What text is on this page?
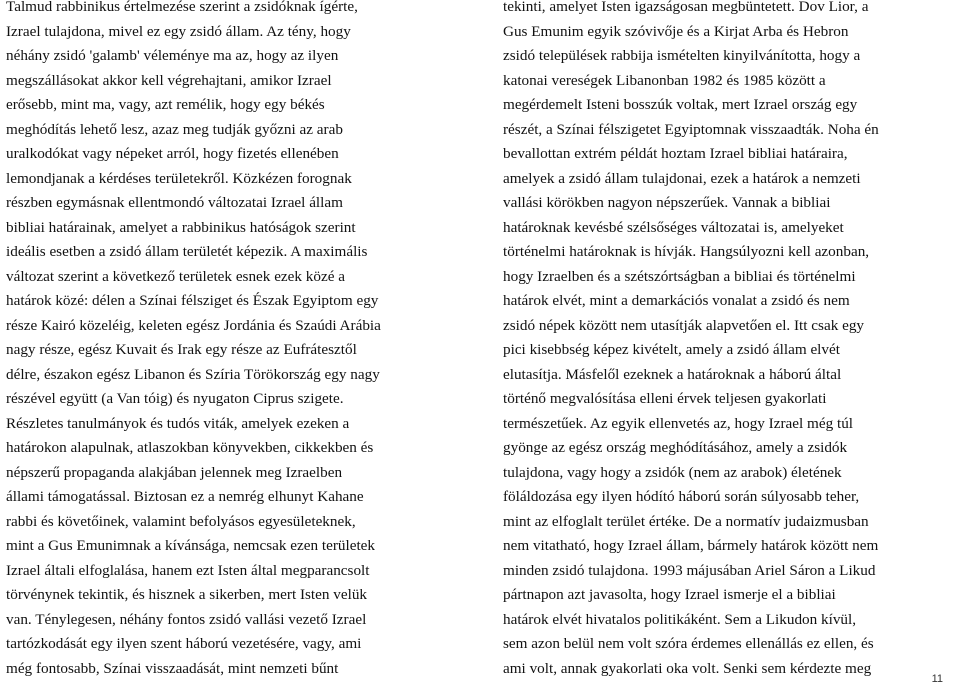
Talmud rabbinikus értelmezése szerint a zsidóknak ígérte,
Izrael tulajdona, mivel ez egy zsidó állam. Az tény, hogy
néhány zsidó 'galamb' véleménye ma az, hogy az ilyen
megszállásokat akkor kell végrehajtani, amikor Izrael
erősebb, mint ma, vagy, azt remélik, hogy egy békés
meghódítás lehető lesz, azaz meg tudják győzni az arab
uralkodókat vagy népeket arról, hogy fizetés ellenében
lemondjanak a kérdéses területekről. Közkézen forognak
részben egymásnak ellentmondó változatai Izrael állam
bibliai határainak, amelyet a rabbinikus hatóságok szerint
ideális esetben a zsidó állam területét képezik. A maximális
változat szerint a következő területek esnek ezek közé a
határok közé: délen a Színai félsziget és Észak Egyiptom egy
része Kairó közeléig, keleten egész Jordánia és Szaúdi Arábia
nagy része, egész Kuvait és Irak egy része az Eufrátesztől
délre, északon egész Libanon és Szíria Törökország egy nagy
részével együtt (a Van tóig) és nyugaton Ciprus szigete.
Részletes tanulmányok és tudós viták, amelyek ezeken a
határokon alapulnak, atlaszokban könyvekben, cikkekben és
népszerű propaganda alakjában jelennek meg Izraelben
állami támogatással. Biztosan ez a nemrég elhunyt Kahane
rabbi és követőinek, valamint befolyásos egyesületeknek,
mint a Gus Emunimnak a kívánsága, nemcsak ezen területek
Izrael általi elfoglalása, hanem ezt Isten által megparancsolt
törvénynek tekintik, és hisznek a sikerben, mert Isten velük
van. Ténylegesen, néhány fontos zsidó vallási vezető Izrael
tartózkodását egy ilyen szent háború vezetésére, vagy, ami
még fontosabb, Színai visszaadását, mint nemzeti bűnt
tekinti, amelyet Isten igazságosan megbüntetett. Dov Lior, a
Gus Emunim egyik szóvivője és a Kirjat Arba és Hebron
zsidó települések rabbija ismételten kinyilvánította, hogy a
katonai vereségek Libanonban 1982 és 1985 között a
megérdemelt Isteni bosszúk voltak, mert Izrael ország egy
részét, a Színai félszigetet Egyiptomnak visszaadták. Noha én
bevallottan extrém példát hoztam Izrael bibliai határaira,
amelyek a zsidó állam tulajdonai, ezek a határok a nemzeti
vallási körökben nagyon népszerűek. Vannak a bibliai
határoknak kevésbé szélsőséges változatai is, amelyeket
történelmi határoknak is hívják. Hangsúlyozni kell azonban,
hogy Izraelben és a szétszórtságban a bibliai és történelmi
határok elvét, mint a demarkációs vonalat a zsidó és nem
zsidó népek között nem utasítják alapvetően el. Itt csak egy
pici kisebbség képez kivételt, amely a zsidó állam elvét
elutasítja. Másfelől ezeknek a határoknak a háború által
történő megvalósítása elleni érvek teljesen gyakorlati
természetűek. Az egyik ellenvetés az, hogy Izrael még túl
gyönge az egész ország meghódításához, amely a zsidók
tulajdona, vagy hogy a zsidók (nem az arabok) életének
föláldozása egy ilyen hódító háború során súlyosabb teher,
mint az elfoglalt terület értéke. De a normatív judaizmusban
nem vitatható, hogy Izrael állam, bármely határok között nem
minden zsidó tulajdona. 1993 májusában Ariel Sáron a Likud
pártnapon azt javasolta, hogy Izrael ismerje el a bibliai
határok elvét hivatalos politikáként. Sem a Likudon kívül,
sem azon belül nem volt szóra érdemes ellenállás ez ellen, és
ami volt, annak gyakorlati oka volt. Senki sem kérdezte meg
11
